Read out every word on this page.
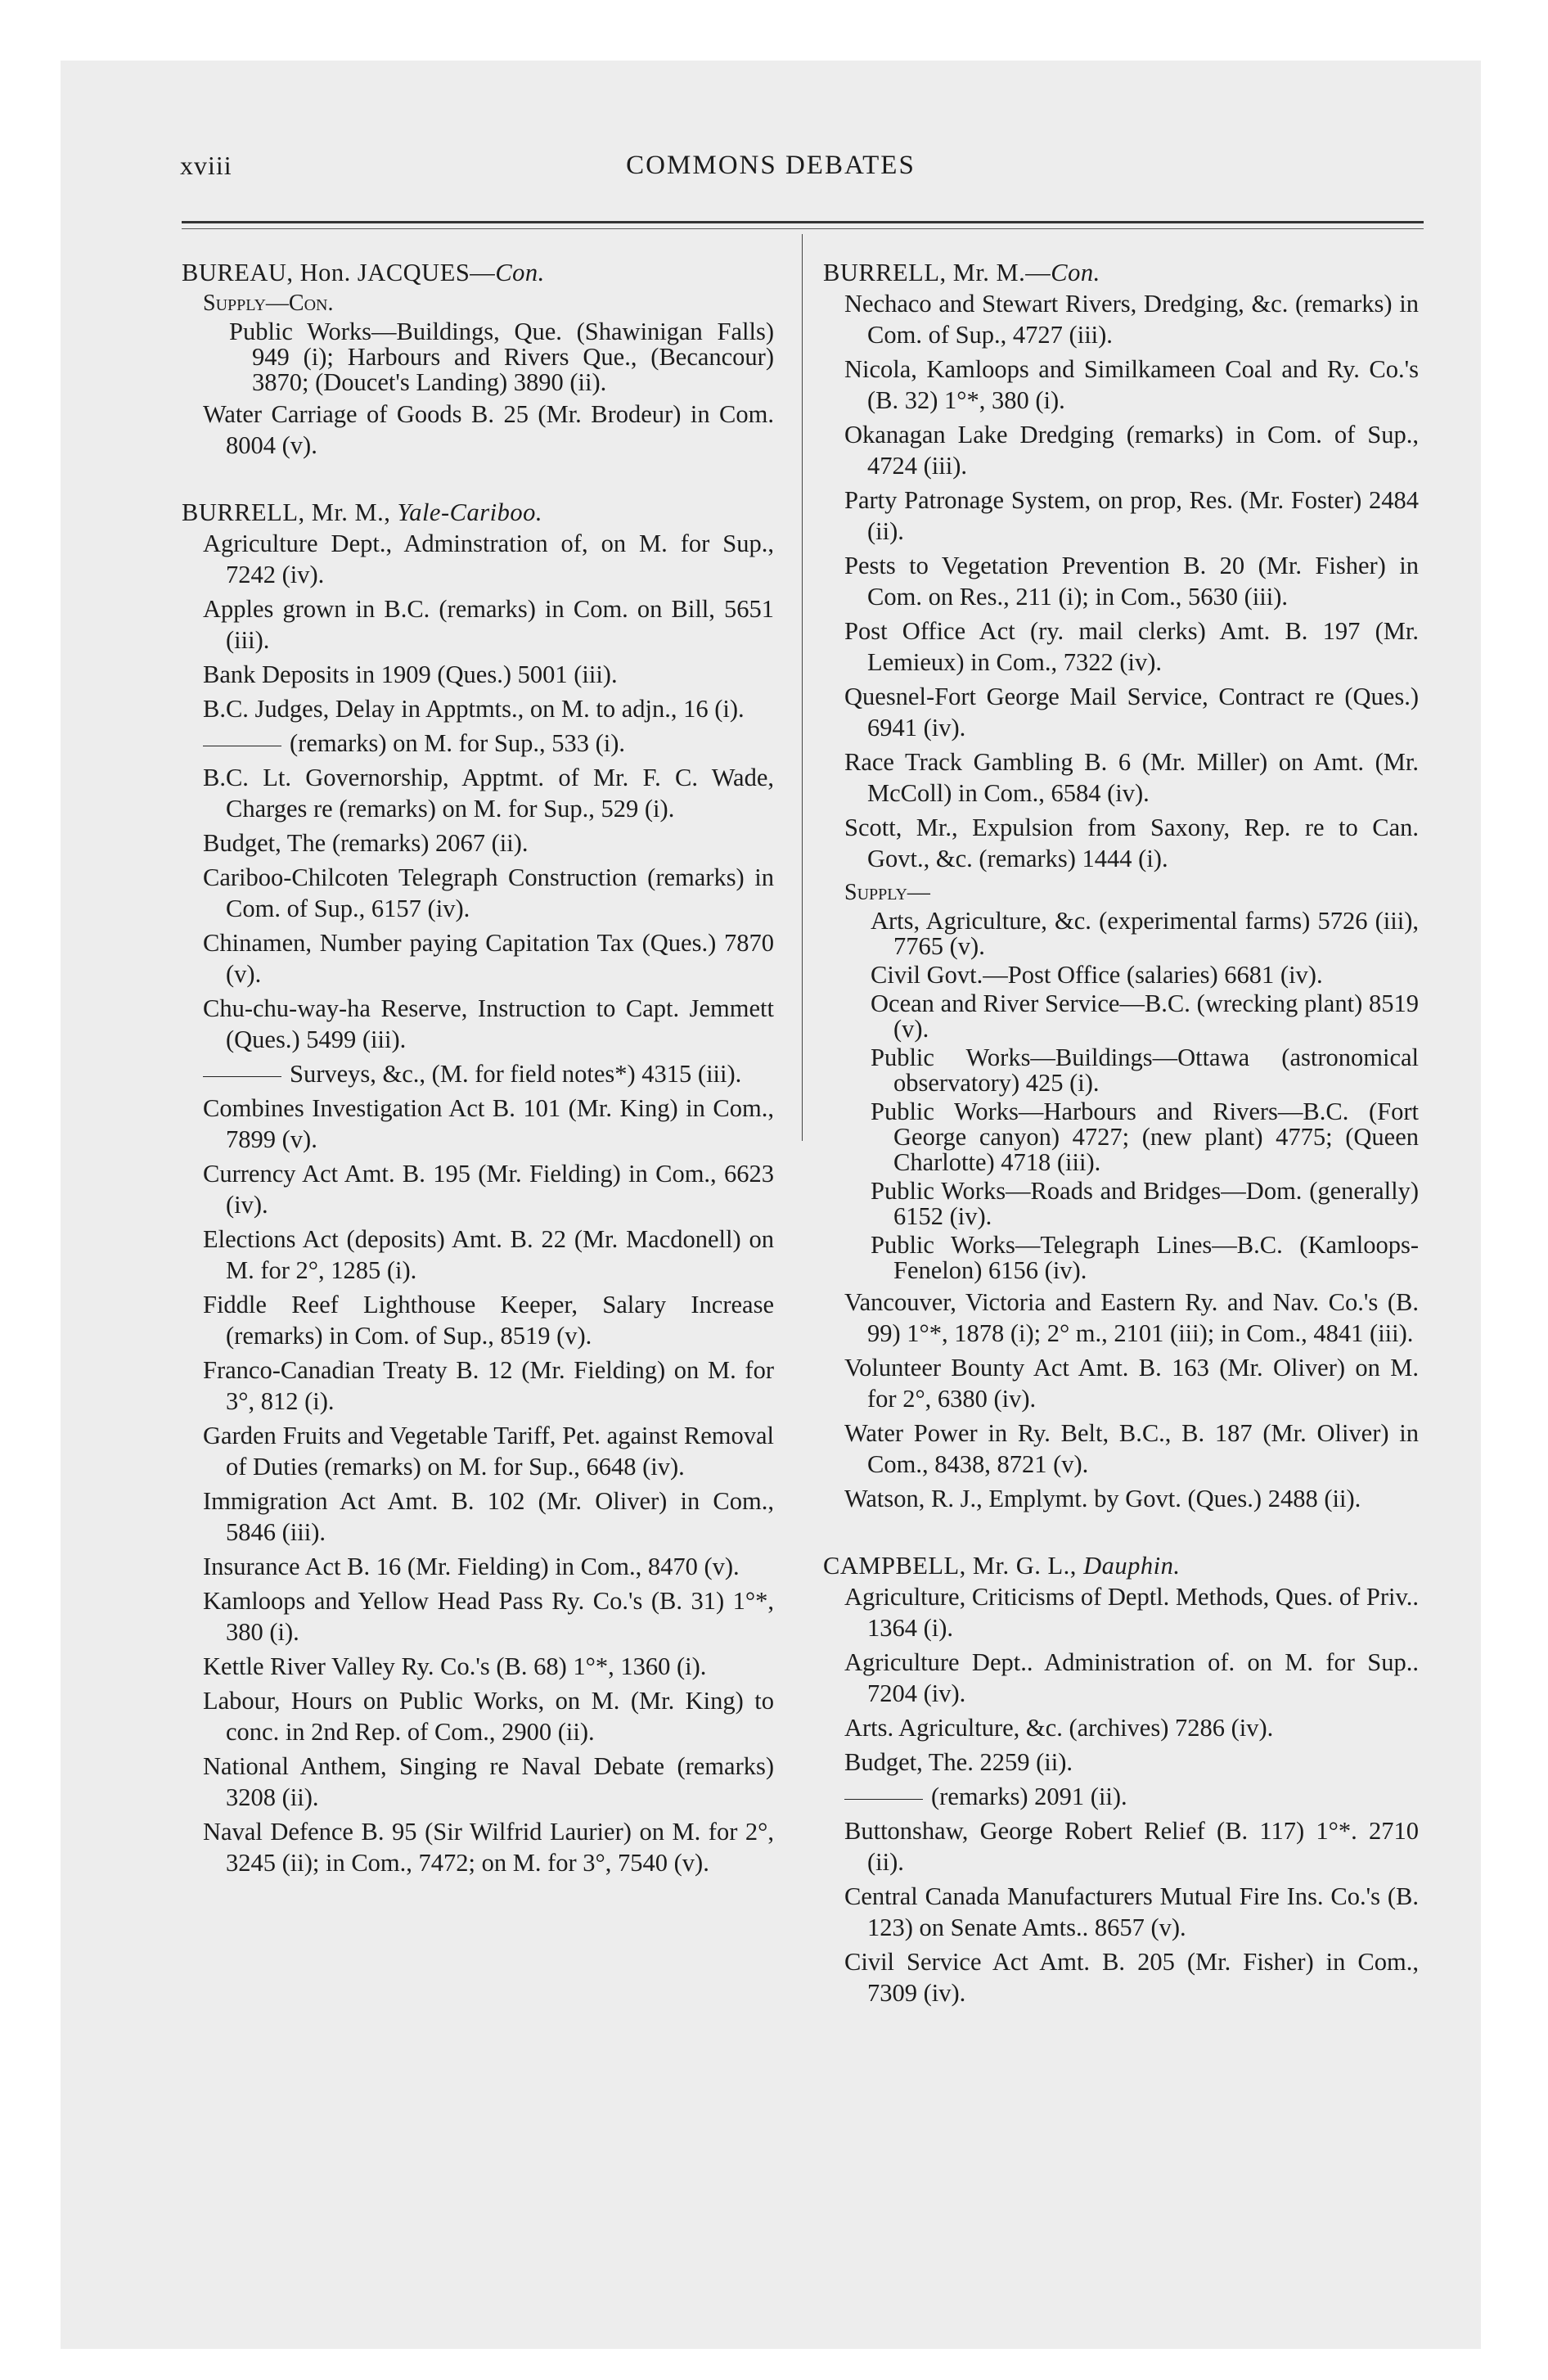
xviii	COMMONS DEBATES
BUREAU, Hon. JACQUES—Con.
Supply—Con.
Public Works—Buildings, Que. (Shawinigan Falls) 949 (i); Harbours and Rivers Que., (Becancour) 3870; (Doucet's Landing) 3890 (ii).
Water Carriage of Goods B. 25 (Mr. Brodeur) in Com. 8004 (v).
BURRELL, Mr. M., Yale-Cariboo.
Agriculture Dept., Adminstration of, on M. for Sup., 7242 (iv).
Apples grown in B.C. (remarks) in Com. on Bill, 5651 (iii).
Bank Deposits in 1909 (Ques.) 5001 (iii).
B.C. Judges, Delay in Apptmts., on M. to adjn., 16 (i).
(remarks) on M. for Sup., 533 (i).
B.C. Lt. Governorship, Apptmt. of Mr. F. C. Wade, Charges re (remarks) on M. for Sup., 529 (i).
Budget, The (remarks) 2067 (ii).
Cariboo-Chilcoten Telegraph Construction (remarks) in Com. of Sup., 6157 (iv).
Chinamen, Number paying Capitation Tax (Ques.) 7870 (v).
Chu-chu-way-ha Reserve, Instruction to Capt. Jemmett (Ques.) 5499 (iii).
Surveys, &c., (M. for field notes*) 4315 (iii).
Combines Investigation Act B. 101 (Mr. King) in Com., 7899 (v).
Currency Act Amt. B. 195 (Mr. Fielding) in Com., 6623 (iv).
Elections Act (deposits) Amt. B. 22 (Mr. Macdonell) on M. for 2°, 1285 (i).
Fiddle Reef Lighthouse Keeper, Salary Increase (remarks) in Com. of Sup., 8519 (v).
Franco-Canadian Treaty B. 12 (Mr. Fielding) on M. for 3°, 812 (i).
Garden Fruits and Vegetable Tariff, Pet. against Removal of Duties (remarks) on M. for Sup., 6648 (iv).
Immigration Act Amt. B. 102 (Mr. Oliver) in Com., 5846 (iii).
Insurance Act B. 16 (Mr. Fielding) in Com., 8470 (v).
Kamloops and Yellow Head Pass Ry. Co.'s (B. 31) 1°*, 380 (i).
Kettle River Valley Ry. Co.'s (B. 68) 1°*, 1360 (i).
Labour, Hours on Public Works, on M. (Mr. King) to conc. in 2nd Rep. of Com., 2900 (ii).
National Anthem, Singing re Naval Debate (remarks) 3208 (ii).
Naval Defence B. 95 (Sir Wilfrid Laurier) on M. for 2°, 3245 (ii); in Com., 7472; on M. for 3°, 7540 (v).
BURRELL, Mr. M.—Con.
Nechaco and Stewart Rivers, Dredging, &c. (remarks) in Com. of Sup., 4727 (iii).
Nicola, Kamloops and Similkameen Coal and Ry. Co.'s (B. 32) 1°*, 380 (i).
Okanagan Lake Dredging (remarks) in Com. of Sup., 4724 (iii).
Party Patronage System, on prop, Res. (Mr. Foster) 2484 (ii).
Pests to Vegetation Prevention B. 20 (Mr. Fisher) in Com. on Res., 211 (i); in Com., 5630 (iii).
Post Office Act (ry. mail clerks) Amt. B. 197 (Mr. Lemieux) in Com., 7322 (iv).
Quesnel-Fort George Mail Service, Contract re (Ques.) 6941 (iv).
Race Track Gambling B. 6 (Mr. Miller) on Amt. (Mr. McColl) in Com., 6584 (iv).
Scott, Mr., Expulsion from Saxony, Rep. re to Can. Govt., &c. (remarks) 1444 (i).
Supply—
Arts, Agriculture, &c. (experimental farms) 5726 (iii), 7765 (v).
Civil Govt.—Post Office (salaries) 6681 (iv).
Ocean and River Service—B.C. (wrecking plant) 8519 (v).
Public Works—Buildings—Ottawa (astronomical observatory) 425 (i).
Public Works—Harbours and Rivers—B.C. (Fort George canyon) 4727; (new plant) 4775; (Queen Charlotte) 4718 (iii).
Public Works—Roads and Bridges—Dom. (generally) 6152 (iv).
Public Works—Telegraph Lines—B.C. (Kamloops-Fenelon) 6156 (iv).
Vancouver, Victoria and Eastern Ry. and Nav. Co.'s (B. 99) 1°*, 1878 (i); 2° m., 2101 (iii); in Com., 4841 (iii).
Volunteer Bounty Act Amt. B. 163 (Mr. Oliver) on M. for 2°, 6380 (iv).
Water Power in Ry. Belt, B.C., B. 187 (Mr. Oliver) in Com., 8438, 8721 (v).
Watson, R. J., Emplymt. by Govt. (Ques.) 2488 (ii).
CAMPBELL, Mr. G. L., Dauphin.
Agriculture, Criticisms of Deptl. Methods, Ques. of Priv.. 1364 (i).
Agriculture Dept.. Administration of. on M. for Sup.. 7204 (iv).
Arts. Agriculture, &c. (archives) 7286 (iv).
Budget, The. 2259 (ii).
(remarks) 2091 (ii).
Buttonshaw, George Robert Relief (B. 117) 1°*. 2710 (ii).
Central Canada Manufacturers Mutual Fire Ins. Co.'s (B. 123) on Senate Amts.. 8657 (v).
Civil Service Act Amt. B. 205 (Mr. Fisher) in Com., 7309 (iv).
